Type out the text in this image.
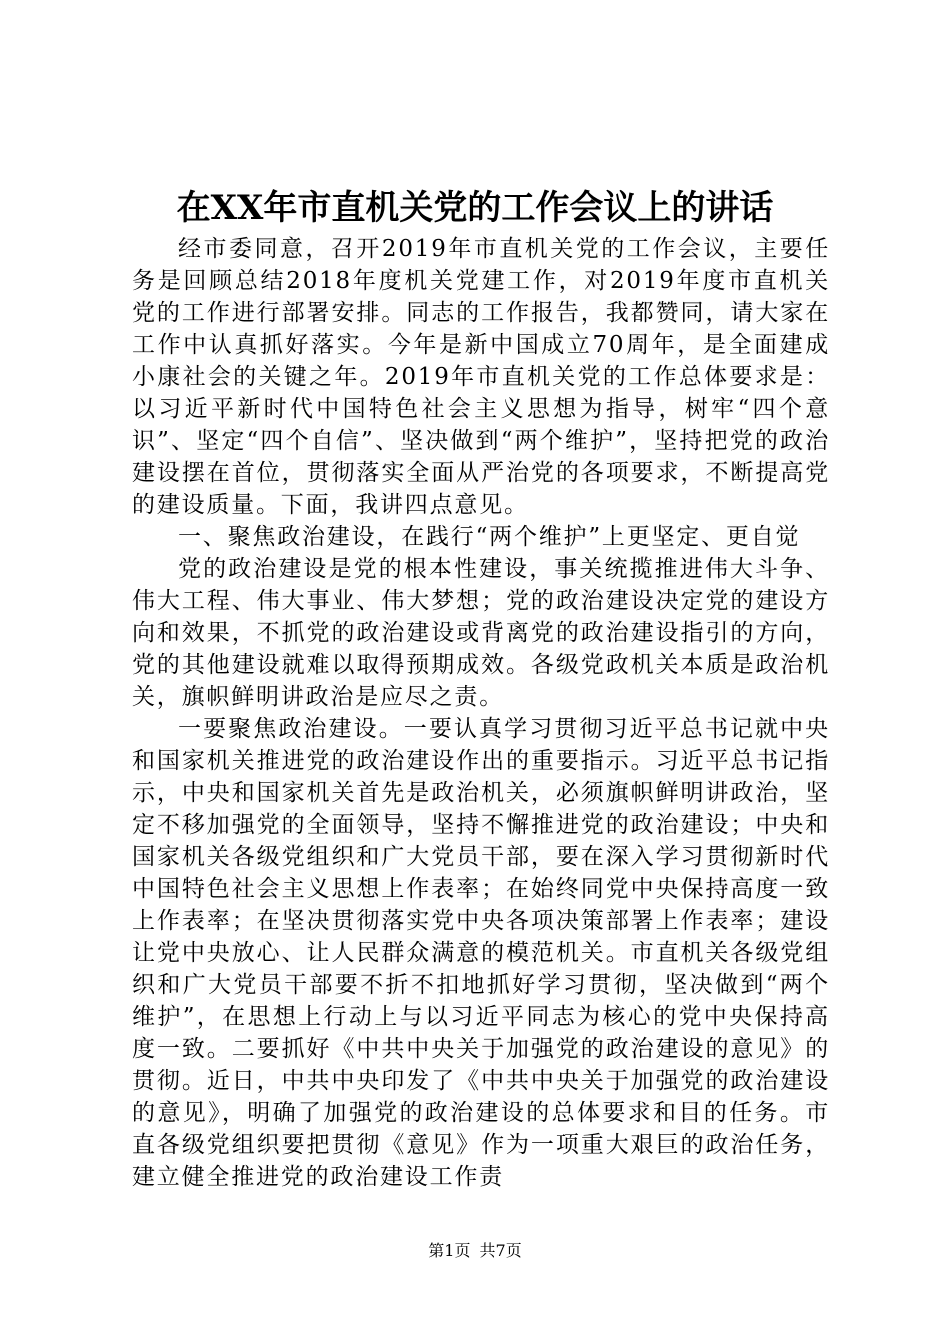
在XX年市直机关党的工作会议上的讲话

经市委同意，召开2019年市直机关党的工作会议，主要任务是回顾总结2018年度机关党建工作，对2019年度市直机关党的工作进行部署安排。同志的工作报告，我都赞同，请大家在工作中认真抓好落实。今年是新中国成立70周年，是全面建成小康社会的关键之年。2019年市直机关党的工作总体要求是：以习近平新时代中国特色社会主义思想为指导，树牢“四个意识”、坚定“四个自信”、坚决做到“两个维护”，坚持把党的政治建设摆在首位，贯彻落实全面从严治党的各项要求，不断提高党的建设质量。下面，我讲四点意见。

一、聚焦政治建设，在践行“两个维护”上更坚定、更自觉

党的政治建设是党的根本性建设，事关统揽推进伟大斗争、伟大工程、伟大事业、伟大梦想；党的政治建设决定党的建设方向和效果，不抓党的政治建设或背离党的政治建设指引的方向，党的其他建设就难以取得预期成效。各级党政机关本质是政治机关，旗帜鲜明讲政治是应尽之责。

一要聚焦政治建设。一要认真学习贯彻习近平总书记就中央和国家机关推进党的政治建设作出的重要指示。习近平总书记指示，中央和国家机关首先是政治机关，必须旗帜鲜明讲政治，坚定不移加强党的全面领导，坚持不懈推进党的政治建设；中央和国家机关各级党组织和广大党员干部，要在深入学习贯彻新时代中国特色社会主义思想上作表率；在始终同党中央保持高度一致上作表率；在坚决贯彻落实党中央各项决策部署上作表率；建设让党中央放心、让人民群众满意的模范机关。市直机关各级党组织和广大党员干部要不折不扣地抓好学习贯彻，坚决做到“两个维护”，在思想上行动上与以习近平同志为核心的党中央保持高度一致。二要抓好《中共中央关于加强党的政治建设的意见》的贯彻。近日，中共中央印发了《中共中央关于加强党的政治建设的意见》，明确了加强党的政治建设的总体要求和目的任务。市直各级党组织要把贯彻《意见》作为一项重大艰巨的政治任务，建立健全推进党的政治建设工作责

第1页 共7页
